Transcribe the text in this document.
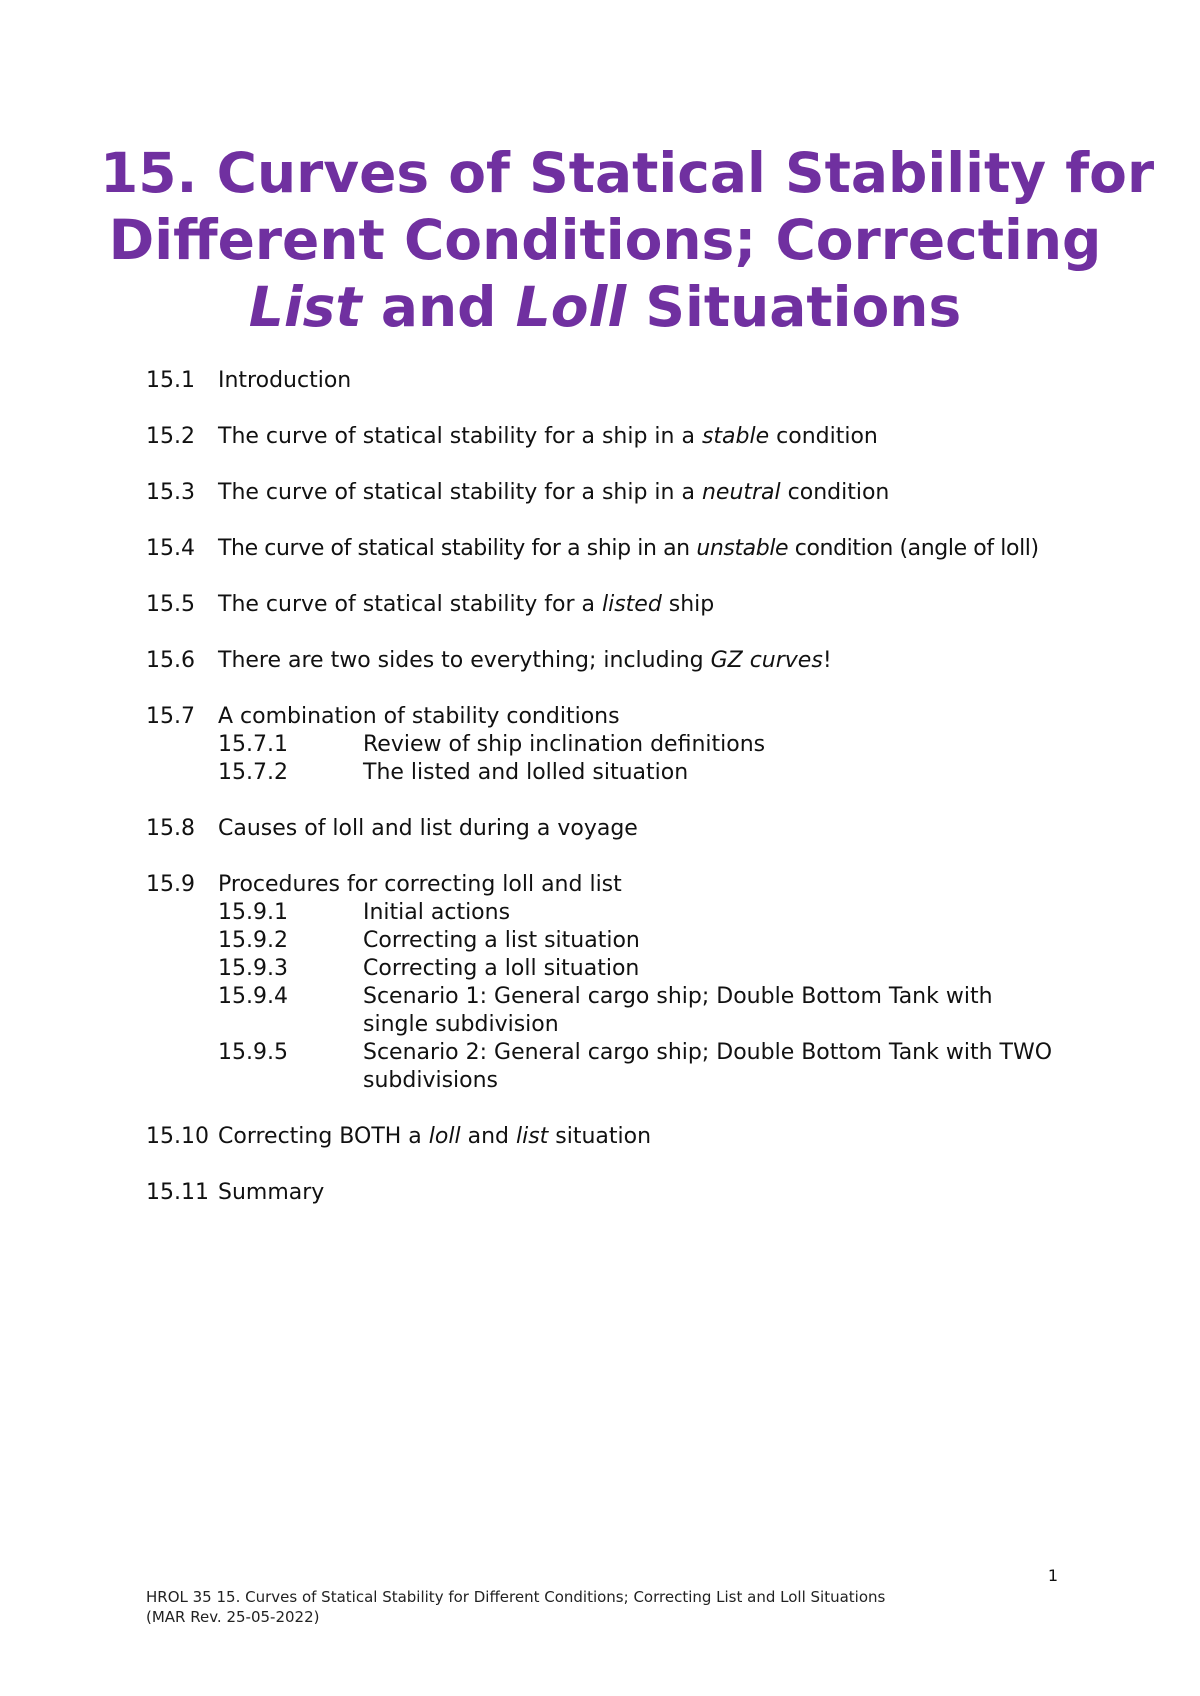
15. Curves of Statical Stability for
Different Conditions; Correcting
List and Loll Situations
15.1	Introduction
15.2	The curve of statical stability for a ship in a stable condition
15.3	The curve of statical stability for a ship in a neutral condition
15.4	The curve of statical stability for a ship in an unstable condition (angle of loll)
15.5	The curve of statical stability for a listed ship
15.6	There are two sides to everything; including GZ curves!
15.7	A combination of stability conditions
15.7.1	Review of ship inclination definitions
15.7.2	The listed and lolled situation
15.8	Causes of loll and list during a voyage
15.9	Procedures for correcting loll and list
15.9.1	Initial actions
15.9.2	Correcting a list situation
15.9.3	Correcting a loll situation
15.9.4	Scenario 1: General cargo ship; Double Bottom Tank with single subdivision
15.9.5	Scenario 2: General cargo ship; Double Bottom Tank with TWO subdivisions
15.10 Correcting BOTH a loll and list situation
15.11 Summary
1
HROL 35 15. Curves of Statical Stability for Different Conditions; Correcting List and Loll Situations
(MAR Rev. 25-05-2022)
